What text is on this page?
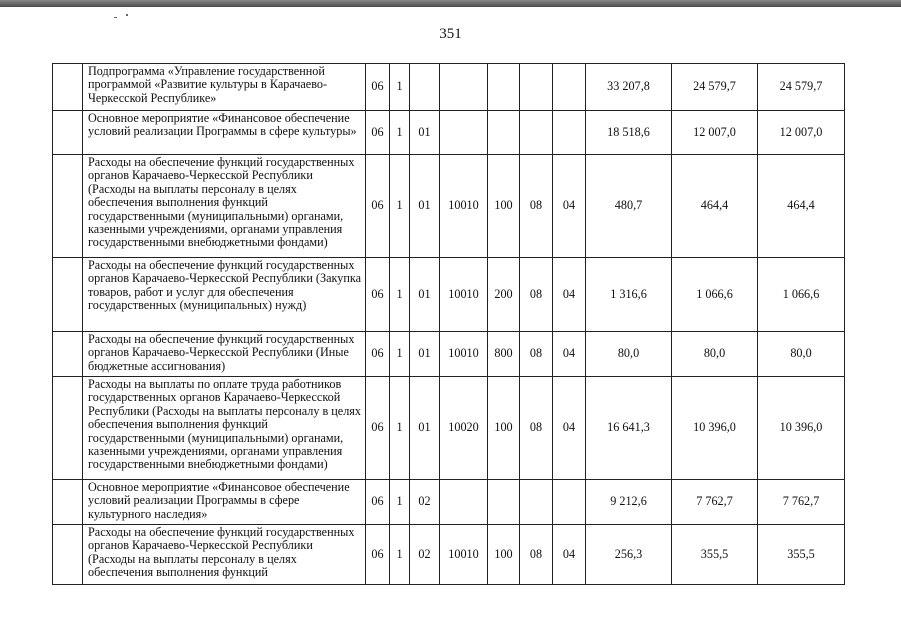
351
	Подпрограмма «Управление государственной программой «Развитие культуры в Карачаево-Черкесской Республике»	06	1						33 207,8	24 579,7	24 579,7
	Основное мероприятие «Финансовое обеспечение условий реализации Программы в сфере культуры»	06	1	01					18 518,6	12 007,0	12 007,0
	Расходы на обеспечение функций государственных органов Карачаево-Черкесской Республики (Расходы на выплаты персоналу в целях обеспечения выполнения функций государственными (муниципальными) органами, казенными учреждениями, органами управления государственными внебюджетными фондами)	06	1	01	10010	100	08	04	480,7	464,4	464,4
	Расходы на обеспечение функций государственных органов Карачаево-Черкесской Республики (Закупка товаров, работ и услуг для обеспечения государственных (муниципальных) нужд)	06	1	01	10010	200	08	04	1 316,6	1 066,6	1 066,6
	Расходы на обеспечение функций государственных органов Карачаево-Черкесской Республики (Иные бюджетные ассигнования)	06	1	01	10010	800	08	04	80,0	80,0	80,0
	Расходы на выплаты по оплате труда работников государственных органов Карачаево-Черкесской Республики (Расходы на выплаты персоналу в целях обеспечения выполнения функций государственными (муниципальными) органами, казенными учреждениями, органами управления государственными внебюджетными фондами)	06	1	01	10020	100	08	04	16 641,3	10 396,0	10 396,0
	Основное мероприятие «Финансовое обеспечение условий реализации Программы в сфере культурного наследия»	06	1	02					9 212,6	7 762,7	7 762,7
	Расходы на обеспечение функций государственных органов Карачаево-Черкесской Республики (Расходы на выплаты персоналу в целях обеспечения выполнения функций	06	1	02	10010	100	08	04	256,3	355,5	355,5
